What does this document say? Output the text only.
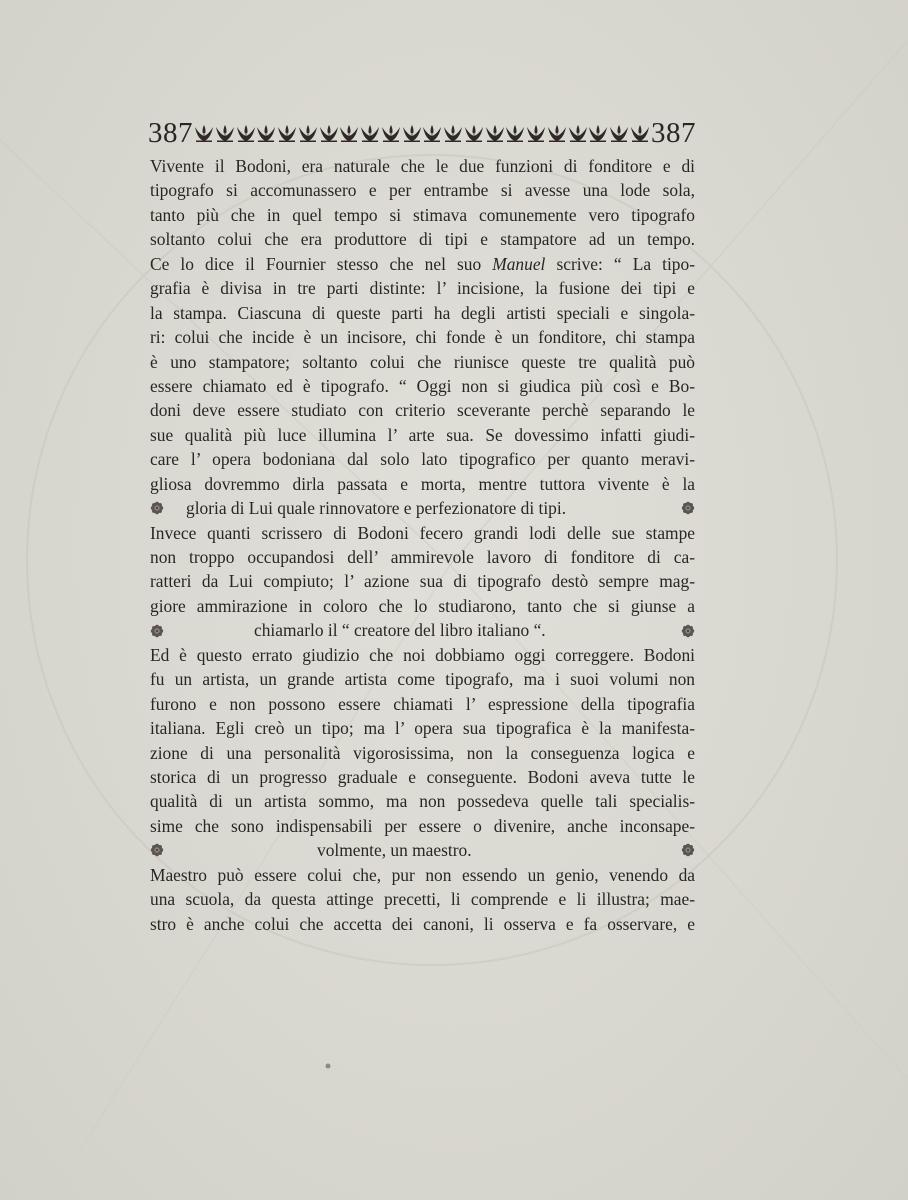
387	387
Vivente il Bodoni, era naturale che le due funzioni di fonditore e di
tipografo si accomunassero e per entrambe si avesse una lode sola,
tanto più che in quel tempo si stimava comunemente vero tipografo
soltanto colui che era produttore di tipi e stampatore ad un tempo.
Ce lo dice il Fournier stesso che nel suo Manuel scrive: “ La tipo-
grafia è divisa in tre parti distinte: l’ incisione, la fusione dei tipi e
la stampa. Ciascuna di queste parti ha degli artisti speciali e singola-
ri: colui che incide è un incisore, chi fonde è un fonditore, chi stampa
è uno stampatore; soltanto colui che riunisce queste tre qualità può
essere chiamato ed è tipografo. “ Oggi non si giudica più così e Bo-
doni deve essere studiato con criterio sceverante perchè separando le
sue qualità più luce illumina l’ arte sua. Se dovessimo infatti giudi-
care l’ opera bodoniana dal solo lato tipografico per quanto meravi-
gliosa dovremmo dirla passata e morta, mentre tuttora vivente è la
gloria di Lui quale rinnovatore e perfezionatore di tipi.
Invece quanti scrissero di Bodoni fecero grandi lodi delle sue stampe
non troppo occupandosi dell’ ammirevole lavoro di fonditore di ca-
ratteri da Lui compiuto; l’ azione sua di tipografo destò sempre mag-
giore ammirazione in coloro che lo studiarono, tanto che si giunse a
chiamarlo il “ creatore del libro italiano “.
Ed è questo errato giudizio che noi dobbiamo oggi correggere. Bodoni
fu un artista, un grande artista come tipografo, ma i suoi volumi non
furono e non possono essere chiamati l’ espressione della tipografia
italiana. Egli creò un tipo; ma l’ opera sua tipografica è la manifesta-
zione di una personalità vigorosissima, non la conseguenza logica e
storica di un progresso graduale e conseguente. Bodoni aveva tutte le
qualità di un artista sommo, ma non possedeva quelle tali specialis-
sime che sono indispensabili per essere o divenire, anche inconsape-
volmente, un maestro.
Maestro può essere colui che, pur non essendo un genio, venendo da
una scuola, da questa attinge precetti, li comprende e li illustra; mae-
stro è anche colui che accetta dei canoni, li osserva e fa osservare, e
